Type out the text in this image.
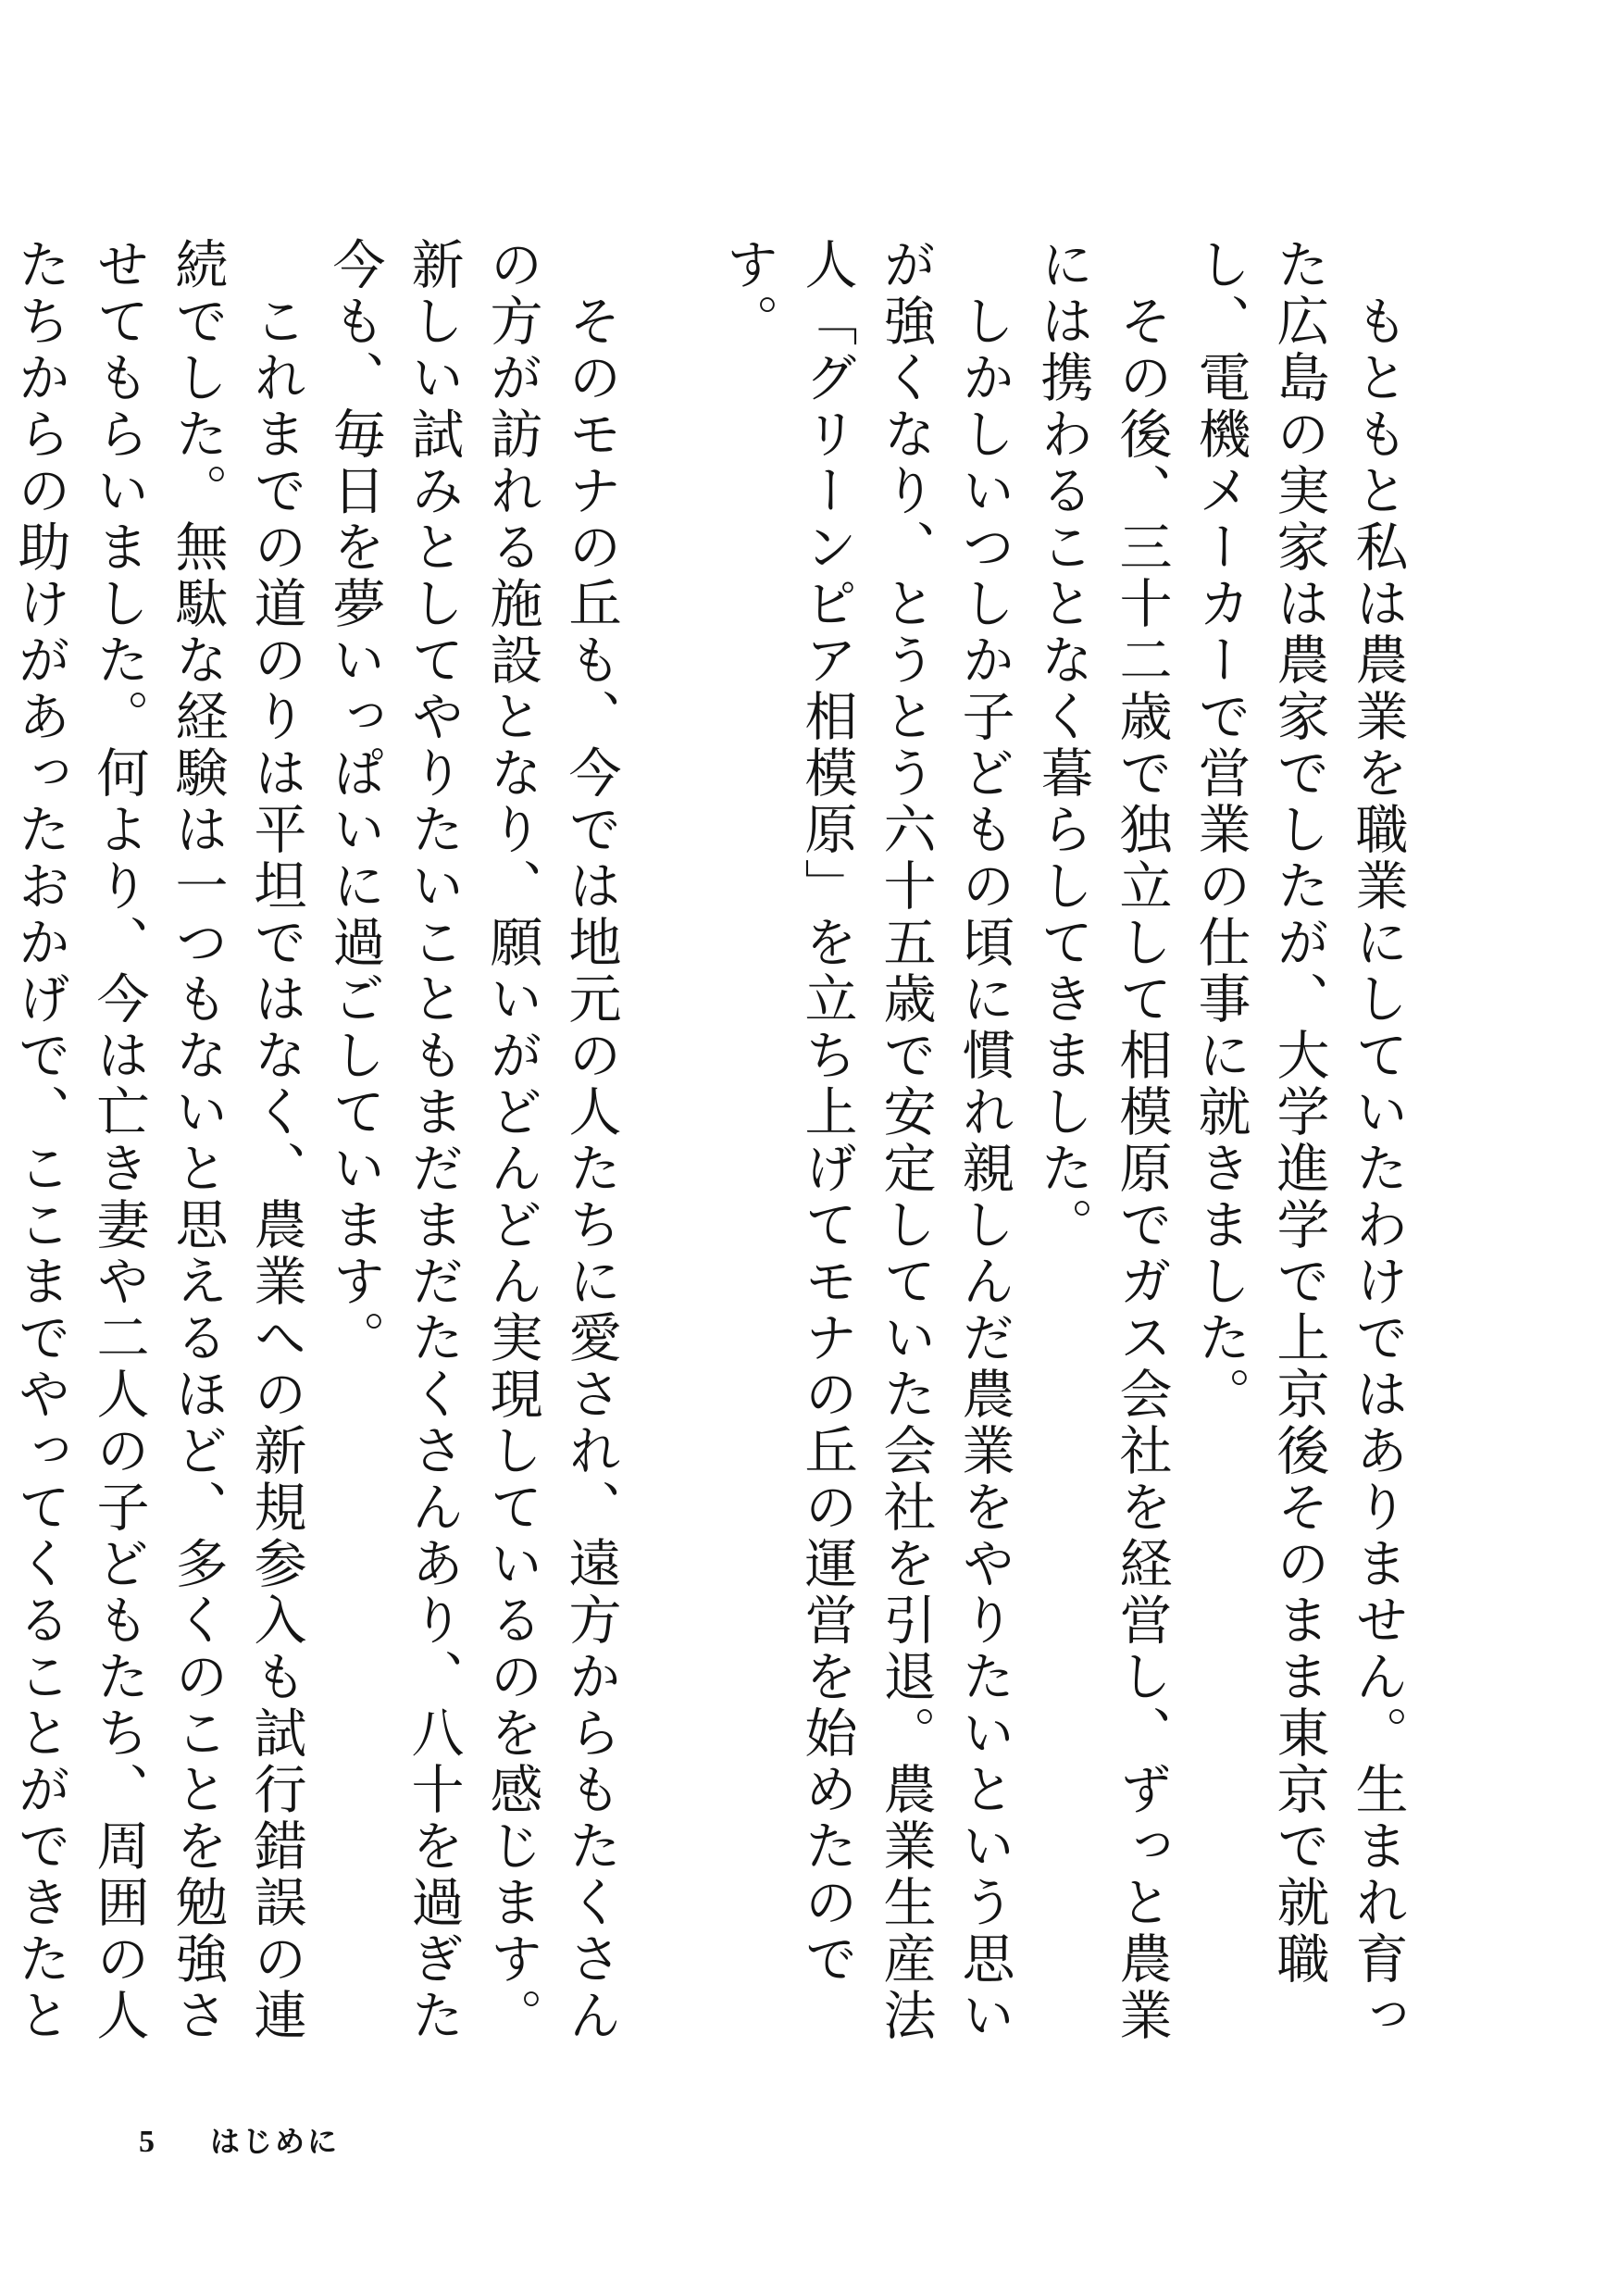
　もともと私は農業を職業にしていたわけではありません。生まれ育った広島の実家は農家でしたが、大学進学で上京後そのまま東京で就職し、電機メーカーで営業の仕事に就きました。

　その後、三十二歳で独立して相模原でガス会社を経営し、ずっと農業には携わることなく暮らしてきました。

　しかしいつしか子どもの頃に慣れ親しんだ農業をやりたいという思いが強くなり、とうとう六十五歳で安定していた会社を引退。農業生産法人「グリーンピア相模原」を立ち上げてモナの丘の運営を始めたのです。

　そのモナの丘も、今では地元の人たちに愛され、遠方からもたくさんの方が訪れる施設となり、願いがどんどん実現しているのを感じます。新しい試みとしてやりたいこともまだまだたくさんあり、八十を過ぎた今も、毎日を夢いっぱいに過ごしています。

　これまでの道のりは平坦ではなく、農業への新規参入も試行錯誤の連続でした。無駄な経験は一つもないと思えるほど、多くのことを勉強させてもらいました。何より、今は亡き妻や二人の子どもたち、周囲の人たちからの助けがあったおかげで、ここまでやってくることができたと

5 はじめに
